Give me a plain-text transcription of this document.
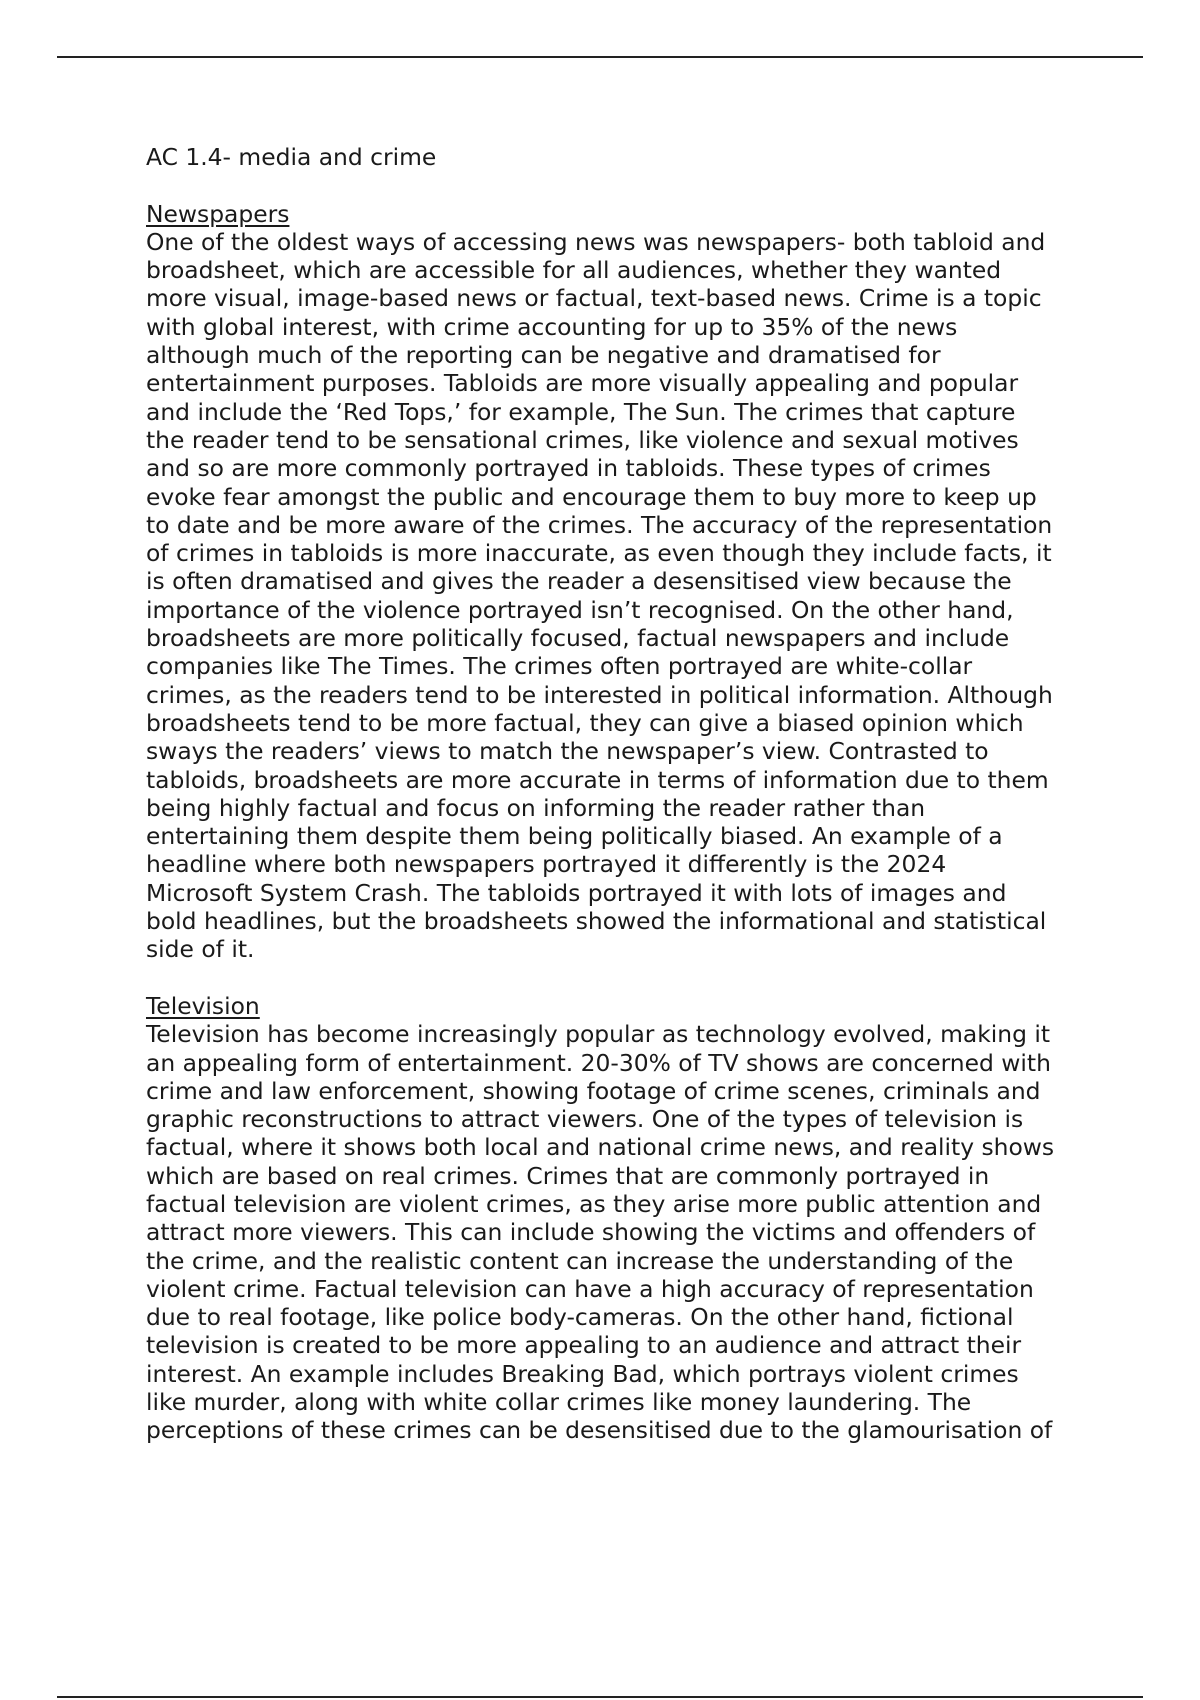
AC 1.4- media and crime

Newspapers

One of the oldest ways of accessing news was newspapers- both tabloid and

broadsheet, which are accessible for all audiences, whether they wanted

more visual, image-based news or factual, text-based news. Crime is a topic

with global interest, with crime accounting for up to 35% of the news

although much of the reporting can be negative and dramatised for

entertainment purposes. Tabloids are more visually appealing and popular

and include the ‘Red Tops,’ for example, The Sun. The crimes that capture

the reader tend to be sensational crimes, like violence and sexual motives

and so are more commonly portrayed in tabloids. These types of crimes

evoke fear amongst the public and encourage them to buy more to keep up

to date and be more aware of the crimes. The accuracy of the representation

of crimes in tabloids is more inaccurate, as even though they include facts, it

is often dramatised and gives the reader a desensitised view because the

importance of the violence portrayed isn’t recognised. On the other hand,

broadsheets are more politically focused, factual newspapers and include

companies like The Times. The crimes often portrayed are white-collar

crimes, as the readers tend to be interested in political information. Although

broadsheets tend to be more factual, they can give a biased opinion which

sways the readers’ views to match the newspaper’s view. Contrasted to

tabloids, broadsheets are more accurate in terms of information due to them

being highly factual and focus on informing the reader rather than

entertaining them despite them being politically biased. An example of a

headline where both newspapers portrayed it differently is the 2024

Microsoft System Crash. The tabloids portrayed it with lots of images and

bold headlines, but the broadsheets showed the informational and statistical

side of it.

Television

Television has become increasingly popular as technology evolved, making it

an appealing form of entertainment. 20-30% of TV shows are concerned with

crime and law enforcement, showing footage of crime scenes, criminals and

graphic reconstructions to attract viewers. One of the types of television is

factual, where it shows both local and national crime news, and reality shows

which are based on real crimes. Crimes that are commonly portrayed in

factual television are violent crimes, as they arise more public attention and

attract more viewers. This can include showing the victims and offenders of

the crime, and the realistic content can increase the understanding of the

violent crime. Factual television can have a high accuracy of representation

due to real footage, like police body-cameras. On the other hand, fictional

television is created to be more appealing to an audience and attract their

interest. An example includes Breaking Bad, which portrays violent crimes

like murder, along with white collar crimes like money laundering. The

perceptions of these crimes can be desensitised due to the glamourisation of
